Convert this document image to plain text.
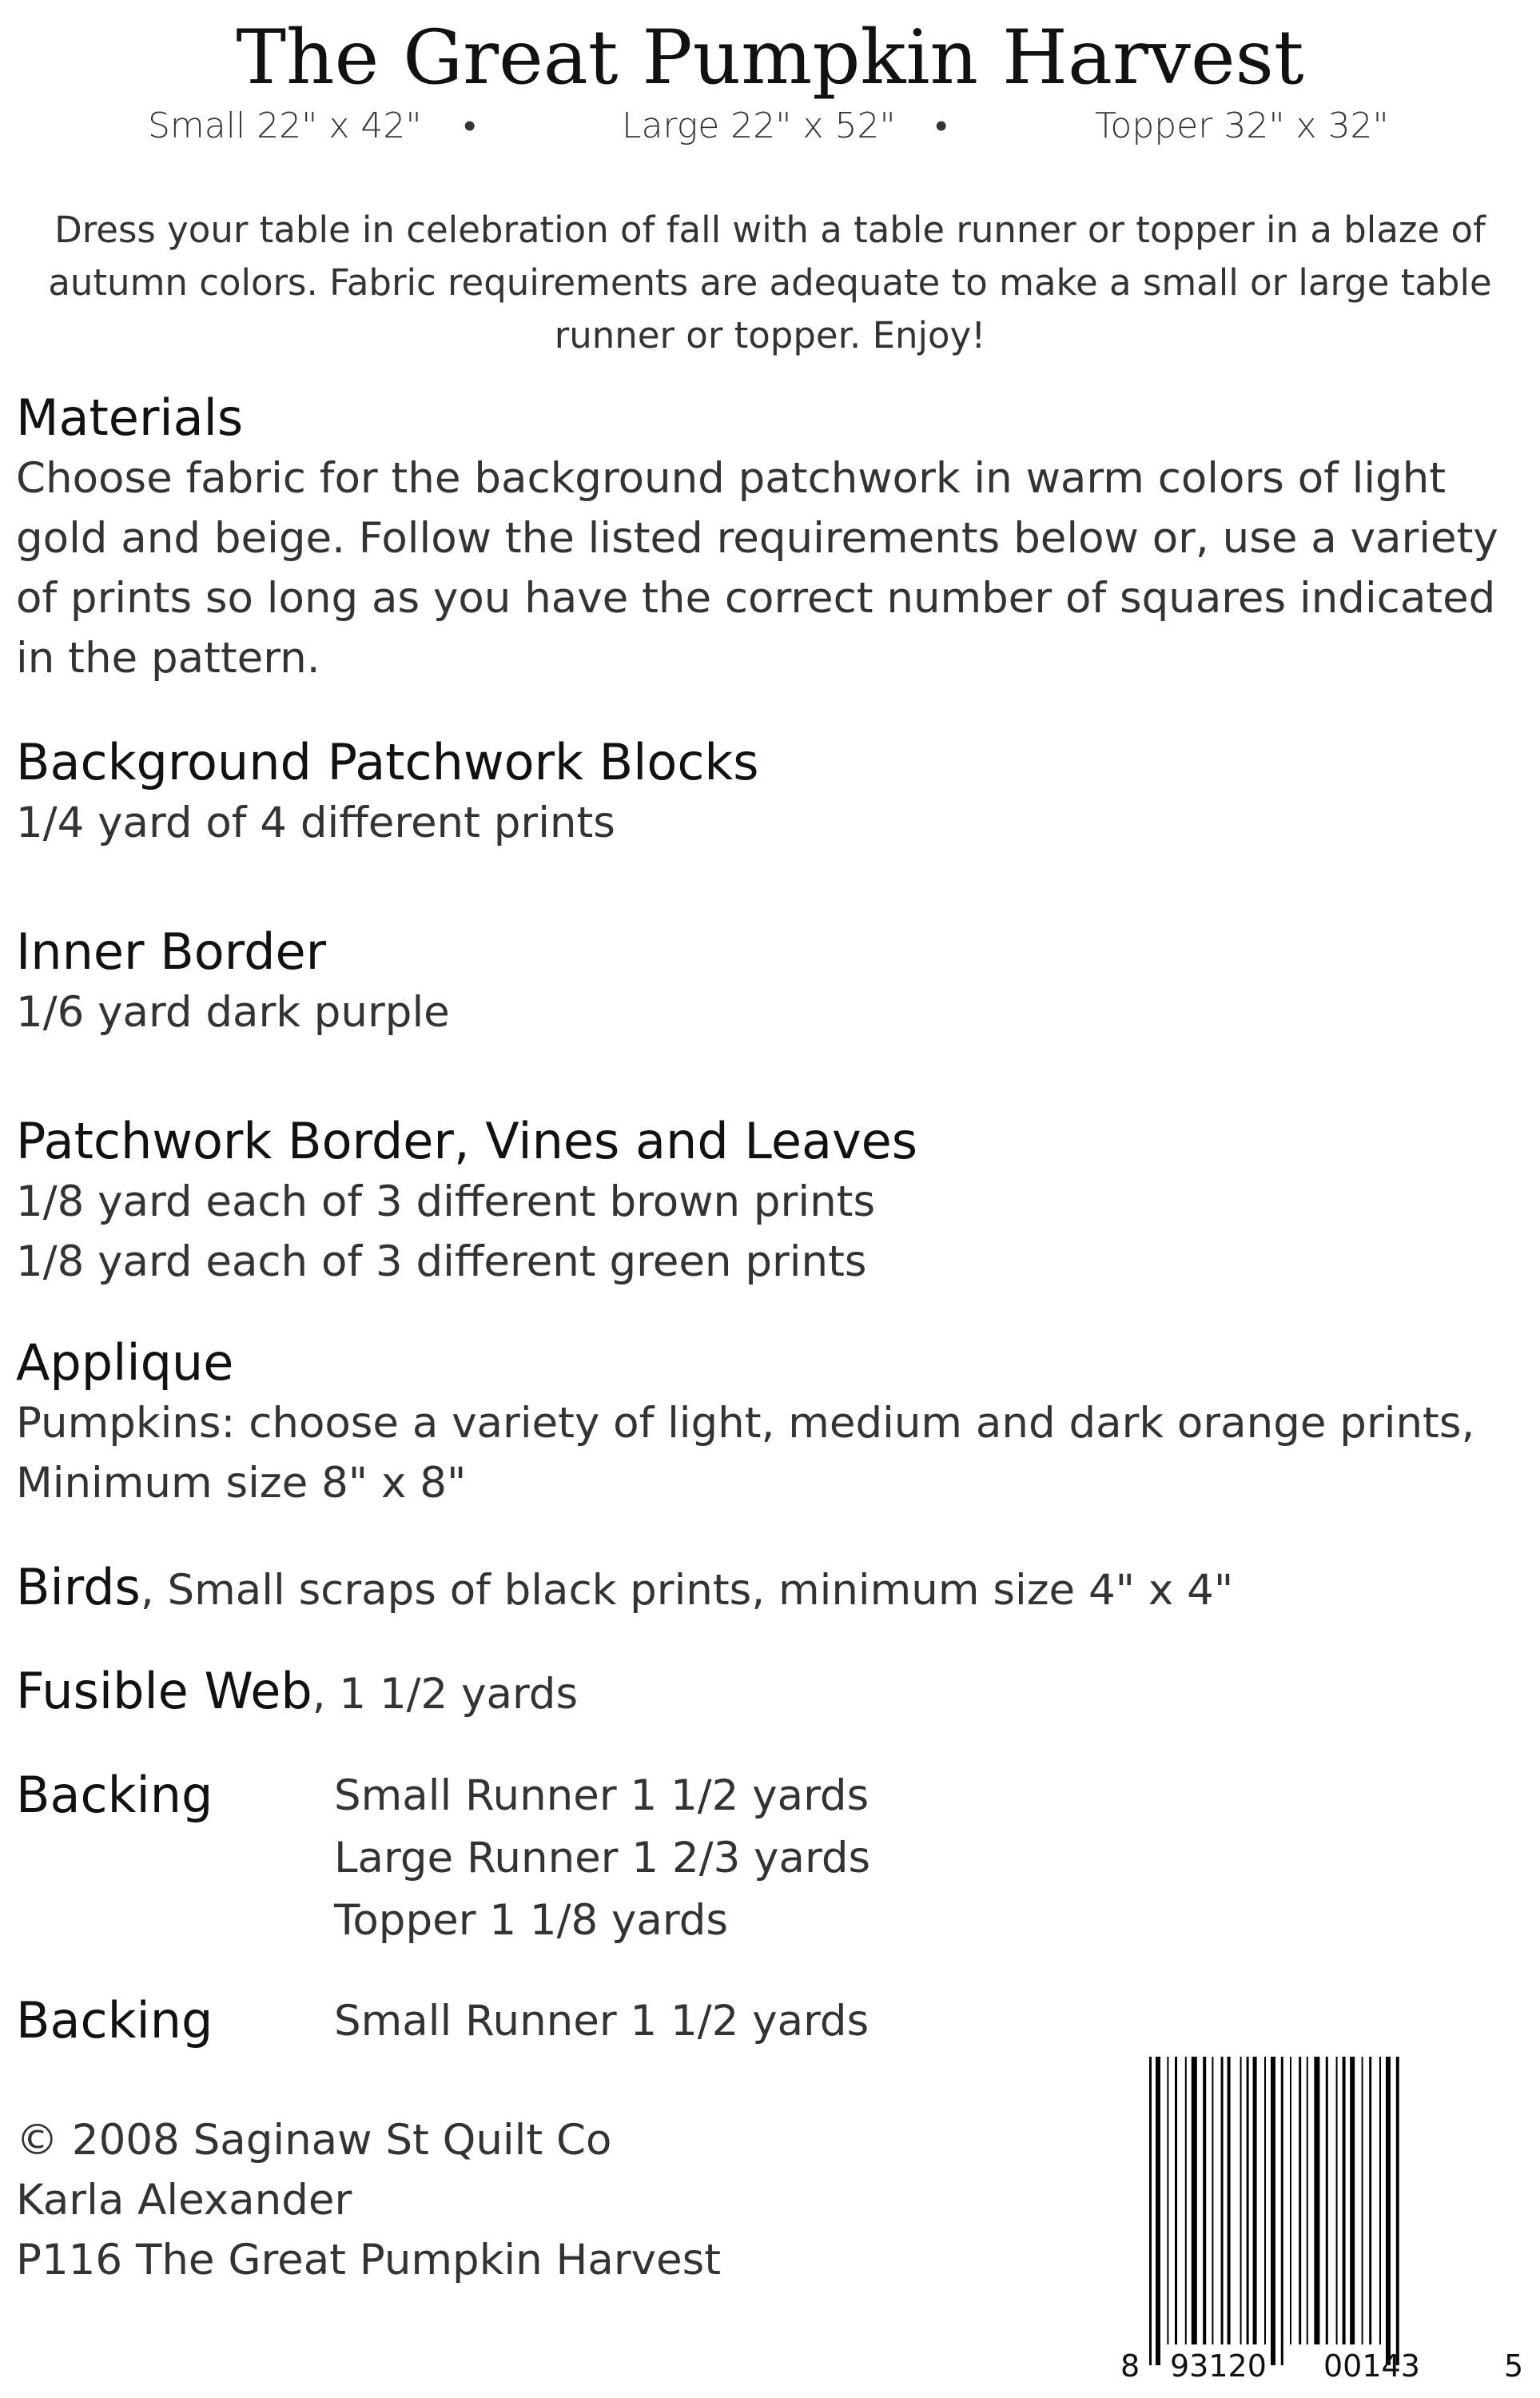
The Great Pumpkin Harvest
Small 22" x 42" •	Large 22" x 52" •	Topper 32" x 32"
Dress your table in celebration of fall with a table runner or topper in a blaze of autumn colors. Fabric requirements are adequate to make a small or large table runner or topper. Enjoy!
Materials
Choose fabric for the background patchwork in warm colors of light gold and beige. Follow the listed requirements below or, use a variety of prints so long as you have the correct number of squares indicated in the pattern.
Background Patchwork Blocks
1/4 yard of 4 different prints
Inner Border
1/6 yard dark purple
Patchwork Border, Vines and Leaves
1/8 yard each of 3 different brown prints
1/8 yard each of 3 different green prints
Applique
Pumpkins: choose a variety of light, medium and dark orange prints,
Minimum size 8" x 8"
Birds, Small scraps of black prints, minimum size 4" x 4"
Fusible Web, 1 1/2 yards
Backing	Small Runner 1 1/2 yards
Large Runner 1 2/3 yards
Topper 1 1/8 yards
Backing	Small Runner 1 1/2 yards
© 2008 Saginaw St Quilt Co
Karla Alexander
P116 The Great Pumpkin Harvest
8 93120 00143	5
